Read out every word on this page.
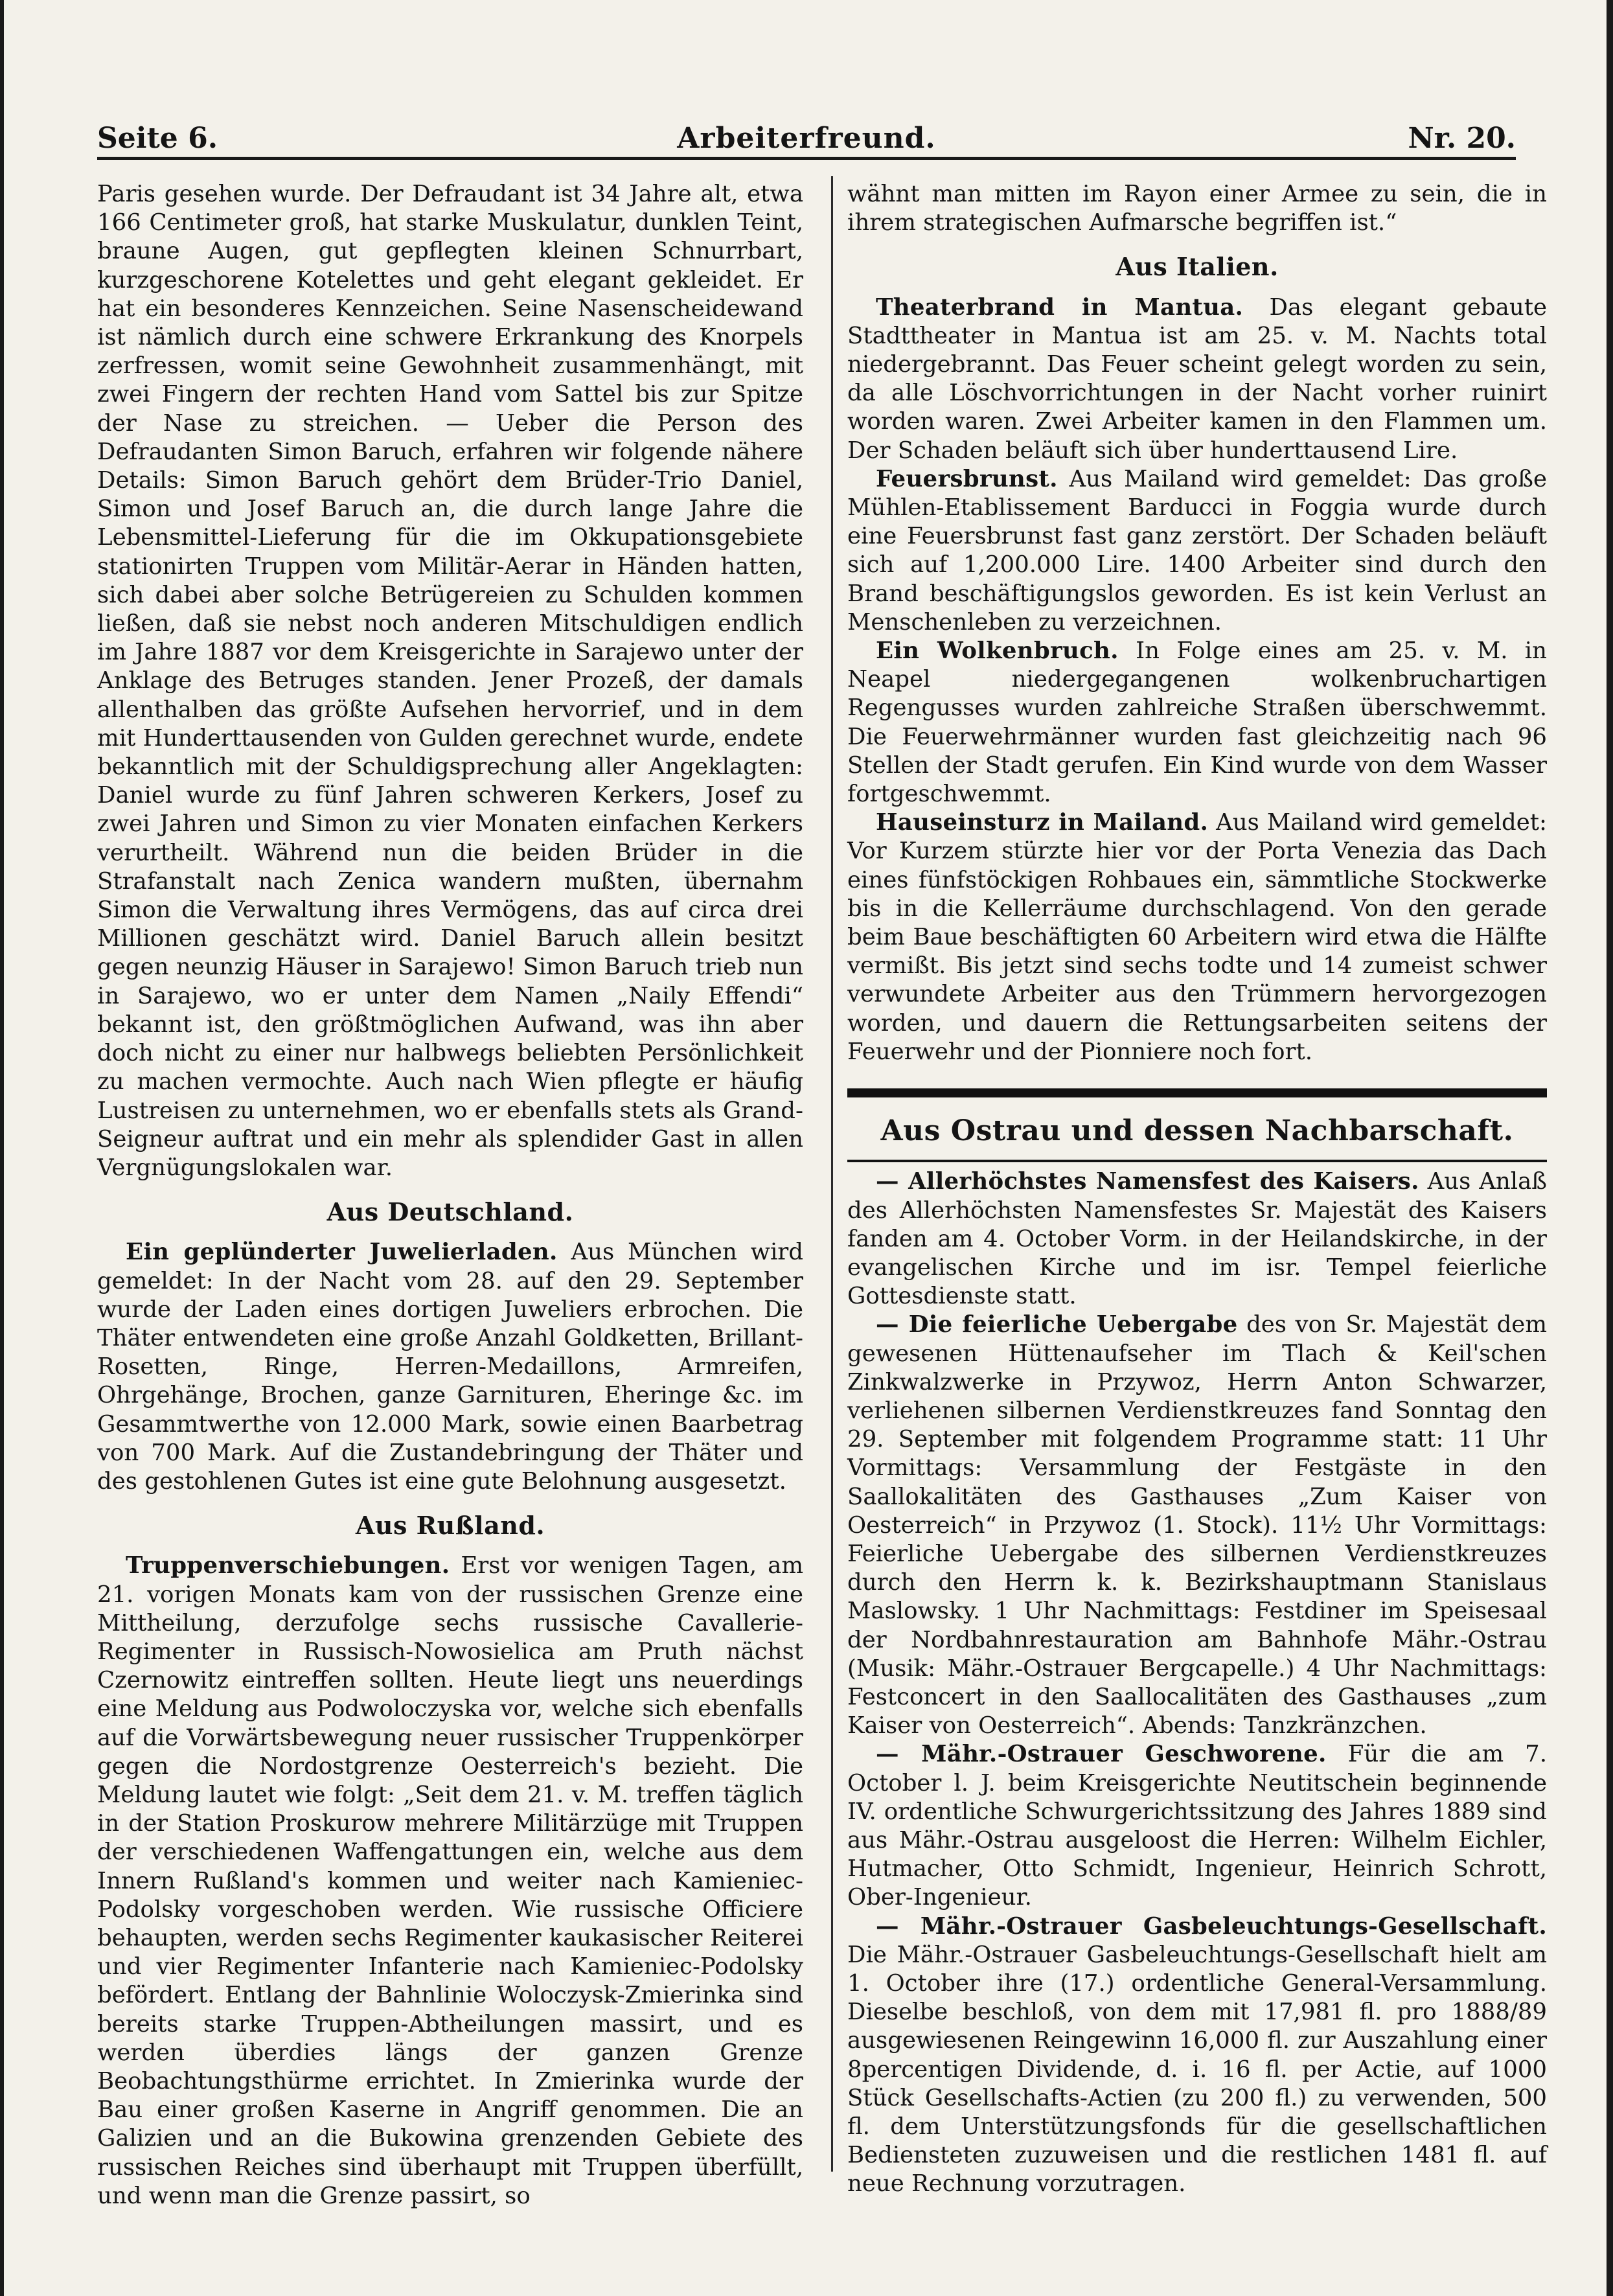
Seite 6.	Arbeiterfreund.	Nr. 20.

Paris gesehen wurde. Der Defraudant ist 34 Jahre alt, etwa 166 Centimeter groß, hat starke Muskulatur, dunklen Teint, braune Augen, gut gepflegten kleinen Schnurrbart, kurzgeschorene Kotelettes und geht elegant gekleidet. Er hat ein besonderes Kennzeichen. Seine Nasenscheidewand ist nämlich durch eine schwere Erkrankung des Knorpels zerfressen, womit seine Gewohnheit zusammenhängt, mit zwei Fingern der rechten Hand vom Sattel bis zur Spitze der Nase zu streichen. — Ueber die Person des Defraudanten Simon Baruch, erfahren wir folgende nähere Details: Simon Baruch gehört dem Brüder-Trio Daniel, Simon und Josef Baruch an, die durch lange Jahre die Lebensmittel-Lieferung für die im Okkupationsgebiete stationirten Truppen vom Militär-Aerar in Händen hatten, sich dabei aber solche Betrügereien zu Schulden kommen ließen, daß sie nebst noch anderen Mitschuldigen endlich im Jahre 1887 vor dem Kreisgerichte in Sarajewo unter der Anklage des Betruges standen. Jener Prozeß, der damals allenthalben das größte Aufsehen hervorrief, und in dem mit Hunderttausenden von Gulden gerechnet wurde, endete bekanntlich mit der Schuldigsprechung aller Angeklagten: Daniel wurde zu fünf Jahren schweren Kerkers, Josef zu zwei Jahren und Simon zu vier Monaten einfachen Kerkers verurtheilt. Während nun die beiden Brüder in die Strafanstalt nach Zenica wandern mußten, übernahm Simon die Verwaltung ihres Vermögens, das auf circa drei Millionen geschätzt wird. Daniel Baruch allein besitzt gegen neunzig Häuser in Sarajewo! Simon Baruch trieb nun in Sarajewo, wo er unter dem Namen „Naily Effendi“ bekannt ist, den größtmöglichen Aufwand, was ihn aber doch nicht zu einer nur halbwegs beliebten Persönlichkeit zu machen vermochte. Auch nach Wien pflegte er häufig Lustreisen zu unternehmen, wo er ebenfalls stets als Grand-Seigneur auftrat und ein mehr als splendider Gast in allen Vergnügungslokalen war.

Aus Deutschland.

Ein geplünderter Juwelierladen. Aus München wird gemeldet: In der Nacht vom 28. auf den 29. September wurde der Laden eines dortigen Juweliers erbrochen. Die Thäter entwendeten eine große Anzahl Goldketten, Brillant-Rosetten, Ringe, Herren-Medaillons, Armreifen, Ohrgehänge, Brochen, ganze Garnituren, Eheringe &c. im Gesammtwerthe von 12.000 Mark, sowie einen Baarbetrag von 700 Mark. Auf die Zustandebringung der Thäter und des gestohlenen Gutes ist eine gute Belohnung ausgesetzt.

Aus Rußland.

Truppenverschiebungen. Erst vor wenigen Tagen, am 21. vorigen Monats kam von der russischen Grenze eine Mittheilung, derzufolge sechs russische Cavallerie-Regimenter in Russisch-Nowosielica am Pruth nächst Czernowitz eintreffen sollten. Heute liegt uns neuerdings eine Meldung aus Podwoloczyska vor, welche sich ebenfalls auf die Vorwärtsbewegung neuer russischer Truppenkörper gegen die Nordostgrenze Oesterreich's bezieht. Die Meldung lautet wie folgt: „Seit dem 21. v. M. treffen täglich in der Station Proskurow mehrere Militärzüge mit Truppen der verschiedenen Waffengattungen ein, welche aus dem Innern Rußland's kommen und weiter nach Kamieniec-Podolsky vorgeschoben werden. Wie russische Officiere behaupten, werden sechs Regimenter kaukasischer Reiterei und vier Regimenter Infanterie nach Kamieniec-Podolsky befördert. Entlang der Bahnlinie Woloczysk-Zmierinka sind bereits starke Truppen-Abtheilungen massirt, und es werden überdies längs der ganzen Grenze Beobachtungsthürme errichtet. In Zmierinka wurde der Bau einer großen Kaserne in Angriff genommen. Die an Galizien und an die Bukowina grenzenden Gebiete des russischen Reiches sind überhaupt mit Truppen überfüllt, und wenn man die Grenze passirt, so

wähnt man mitten im Rayon einer Armee zu sein, die in ihrem strategischen Aufmarsche begriffen ist.“

Aus Italien.

Theaterbrand in Mantua. Das elegant gebaute Stadttheater in Mantua ist am 25. v. M. Nachts total niedergebrannt. Das Feuer scheint gelegt worden zu sein, da alle Löschvorrichtungen in der Nacht vorher ruinirt worden waren. Zwei Arbeiter kamen in den Flammen um. Der Schaden beläuft sich über hunderttausend Lire.

Feuersbrunst. Aus Mailand wird gemeldet: Das große Mühlen-Etablissement Barducci in Foggia wurde durch eine Feuersbrunst fast ganz zerstört. Der Schaden beläuft sich auf 1,200.000 Lire. 1400 Arbeiter sind durch den Brand beschäftigungslos geworden. Es ist kein Verlust an Menschenleben zu verzeichnen.

Ein Wolkenbruch. In Folge eines am 25. v. M. in Neapel niedergegangenen wolkenbruchartigen Regengusses wurden zahlreiche Straßen überschwemmt. Die Feuerwehrmänner wurden fast gleichzeitig nach 96 Stellen der Stadt gerufen. Ein Kind wurde von dem Wasser fortgeschwemmt.

Hauseinsturz in Mailand. Aus Mailand wird gemeldet: Vor Kurzem stürzte hier vor der Porta Venezia das Dach eines fünfstöckigen Rohbaues ein, sämmtliche Stockwerke bis in die Kellerräume durchschlagend. Von den gerade beim Baue beschäftigten 60 Arbeitern wird etwa die Hälfte vermißt. Bis jetzt sind sechs todte und 14 zumeist schwer verwundete Arbeiter aus den Trümmern hervorgezogen worden, und dauern die Rettungsarbeiten seitens der Feuerwehr und der Pionniere noch fort.

Aus Ostrau und dessen Nachbarschaft.

— Allerhöchstes Namensfest des Kaisers. Aus Anlaß des Allerhöchsten Namensfestes Sr. Majestät des Kaisers fanden am 4. October Vorm. in der Heilandskirche, in der evangelischen Kirche und im isr. Tempel feierliche Gottesdienste statt.

— Die feierliche Uebergabe des von Sr. Majestät dem gewesenen Hüttenaufseher im Tlach & Keil'schen Zinkwalzwerke in Przywoz, Herrn Anton Schwarzer, verliehenen silbernen Verdienstkreuzes fand Sonntag den 29. September mit folgendem Programme statt: 11 Uhr Vormittags: Versammlung der Festgäste in den Saallokalitäten des Gasthauses „Zum Kaiser von Oesterreich“ in Przywoz (1. Stock). 11½ Uhr Vormittags: Feierliche Uebergabe des silbernen Verdienstkreuzes durch den Herrn k. k. Bezirkshauptmann Stanislaus Maslowsky. 1 Uhr Nachmittags: Festdiner im Speisesaal der Nordbahnrestauration am Bahnhofe Mähr.-Ostrau (Musik: Mähr.-Ostrauer Bergcapelle.) 4 Uhr Nachmittags: Festconcert in den Saallocalitäten des Gasthauses „zum Kaiser von Oesterreich“. Abends: Tanzkränzchen.

— Mähr.-Ostrauer Geschworene. Für die am 7. October l. J. beim Kreisgerichte Neutitschein beginnende IV. ordentliche Schwurgerichtssitzung des Jahres 1889 sind aus Mähr.-Ostrau ausgeloost die Herren: Wilhelm Eichler, Hutmacher, Otto Schmidt, Ingenieur, Heinrich Schrott, Ober-Ingenieur.

— Mähr.-Ostrauer Gasbeleuchtungs-Gesellschaft. Die Mähr.-Ostrauer Gasbeleuchtungs-Gesellschaft hielt am 1. October ihre (17.) ordentliche General-Versammlung. Dieselbe beschloß, von dem mit 17,981 fl. pro 1888/89 ausgewiesenen Reingewinn 16,000 fl. zur Auszahlung einer 8percentigen Dividende, d. i. 16 fl. per Actie, auf 1000 Stück Gesellschafts-Actien (zu 200 fl.) zu verwenden, 500 fl. dem Unterstützungsfonds für die gesellschaftlichen Bediensteten zuzuweisen und die restlichen 1481 fl. auf neue Rechnung vorzutragen.
